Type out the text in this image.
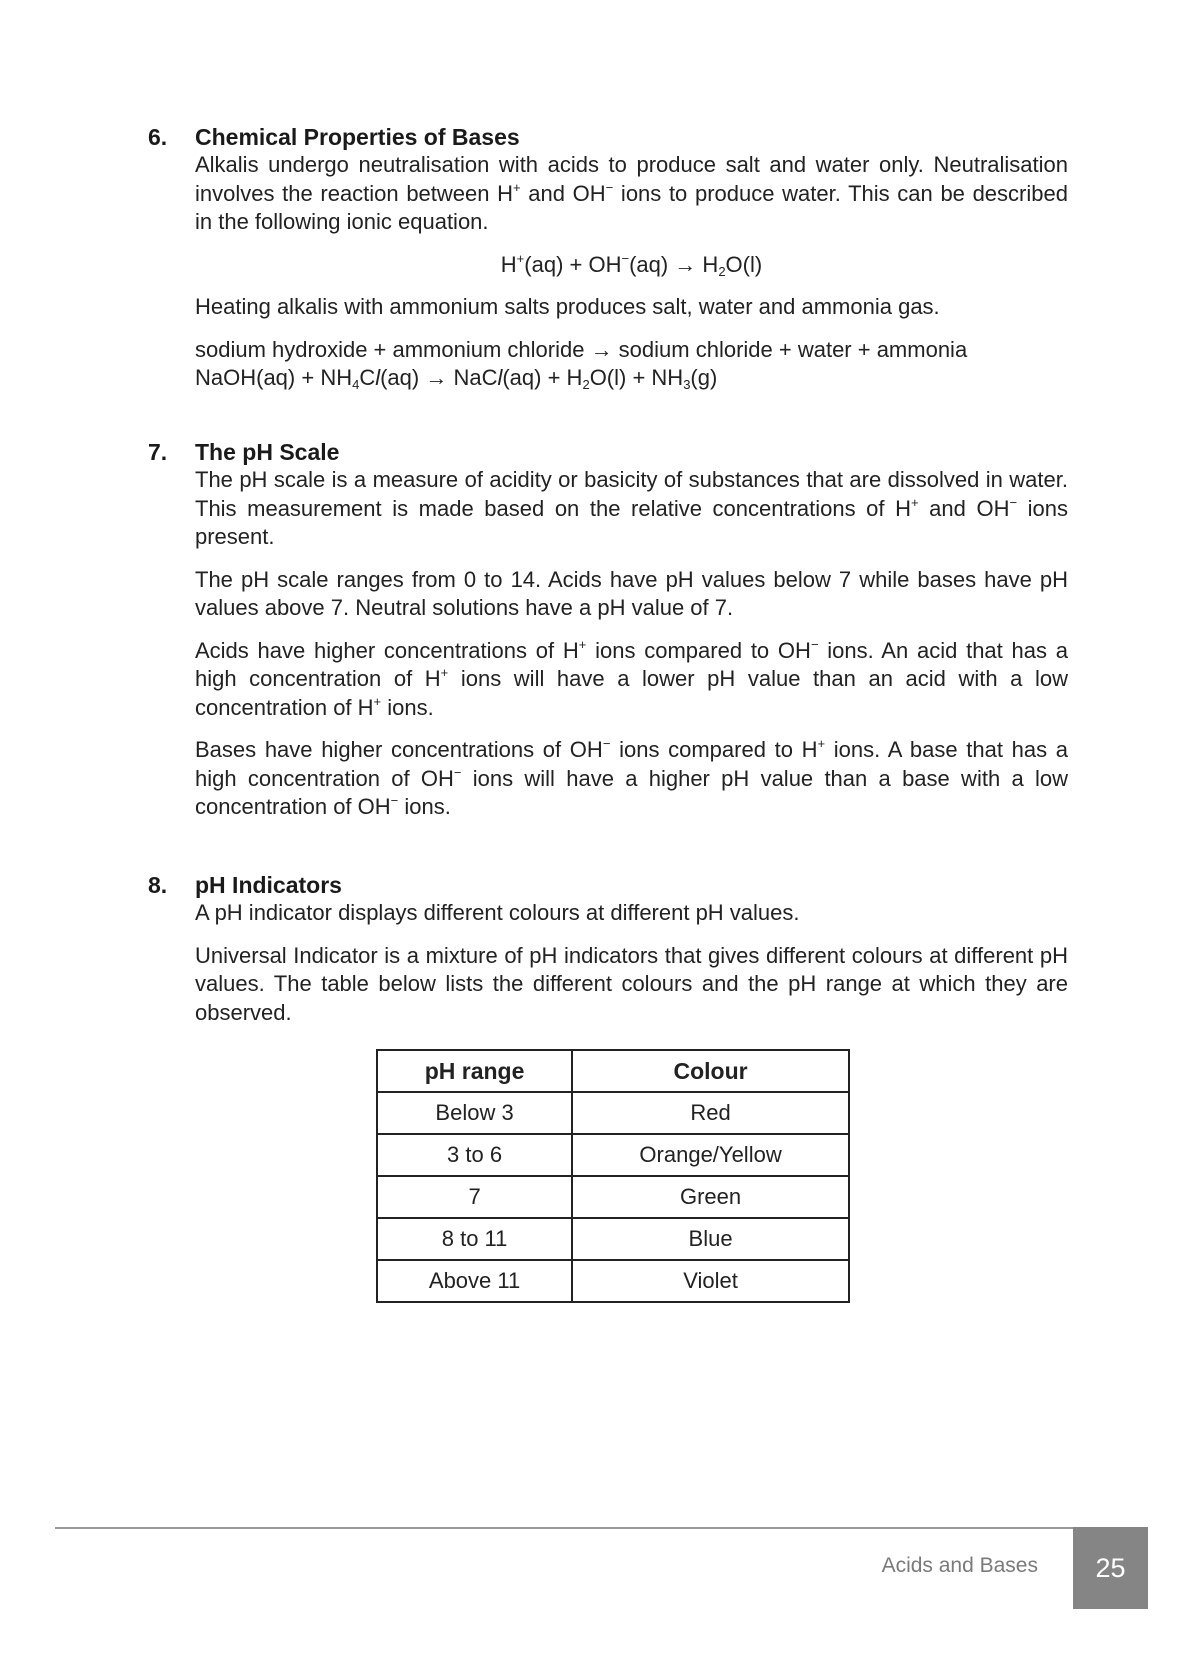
6.	Chemical Properties of Bases

Alkalis undergo neutralisation with acids to produce salt and water only. Neutralisation involves the reaction between H+ and OH− ions to produce water. This can be described in the following ionic equation.

$H^+(aq) + OH^-(aq) \to H_2O(l)$

Heating alkalis with ammonium salts produces salt, water and ammonia gas.

sodium hydroxide + ammonium chloride → sodium chloride + water + ammonia
NaOH(aq) + $NH_4Cl(aq)$ → NaCl(aq) + $H_2O(l) + NH_3(g)$

7.	The pH Scale

The pH scale is a measure of acidity or basicity of substances that are dissolved in water. This measurement is made based on the relative concentrations of H+ and OH− ions present.

The pH scale ranges from 0 to 14. Acids have pH values below 7 while bases have pH values above 7. Neutral solutions have a pH value of 7.

Acids have higher concentrations of H+ ions compared to OH− ions. An acid that has a high concentration of H+ ions will have a lower pH value than an acid with a low concentration of H+ ions.

Bases have higher concentrations of OH− ions compared to H+ ions. A base that has a high concentration of OH− ions will have a higher pH value than a base with a low concentration of OH− ions.

8.	pH Indicators

A pH indicator displays different colours at different pH values.

Universal Indicator is a mixture of pH indicators that gives different colours at different pH values. The table below lists the different colours and the pH range at which they are observed.

pH range	Colour
Below 3	Red
3 to 6	Orange/Yellow
7	Green
8 to 11	Blue
Above 11	Violet
Acids and Bases	25
